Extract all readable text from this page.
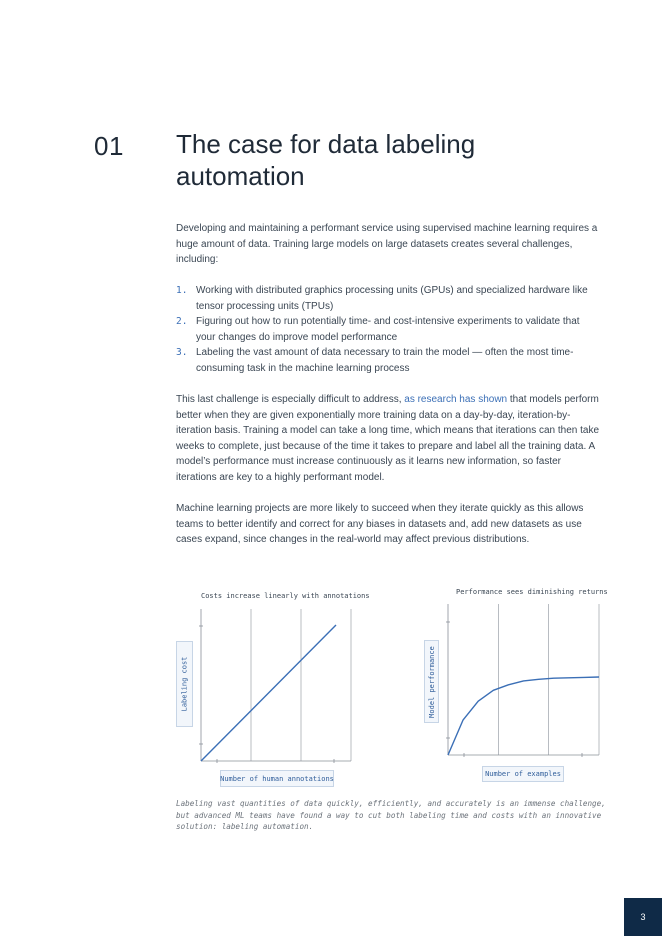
01 The case for data labeling automation

Developing and maintaining a performant service using supervised machine learning requires a huge amount of data. Training large models on large datasets creates several challenges, including:

1. Working with distributed graphics processing units (GPUs) and specialized hardware like tensor processing units (TPUs)
2. Figuring out how to run potentially time- and cost-intensive experiments to validate that your changes do improve model performance
3. Labeling the vast amount of data necessary to train the model — often the most time-consuming task in the machine learning process

This last challenge is especially difficult to address, as research has shown that models perform better when they are given exponentially more training data on a day-by-day, iteration-by-iteration basis. Training a model can take a long time, which means that iterations can then take weeks to complete, just because of the time it takes to prepare and label all the training data. A model’s performance must increase continuously as it learns new information, so faster iterations are key to a highly performant model.

Machine learning projects are more likely to succeed when they iterate quickly as this allows teams to better identify and correct for any biases in datasets and, add new datasets as use cases expand, since changes in the real-world may affect previous distributions.

Costs increase linearly with annotations
Labeling cost
Number of human annotations
Performance sees diminishing returns
Model performance
Number of examples

Labeling vast quantities of data quickly, efficiently, and accurately is an immense challenge, but advanced ML teams have found a way to cut both labeling time and costs with an innovative solution: labeling automation.

3
